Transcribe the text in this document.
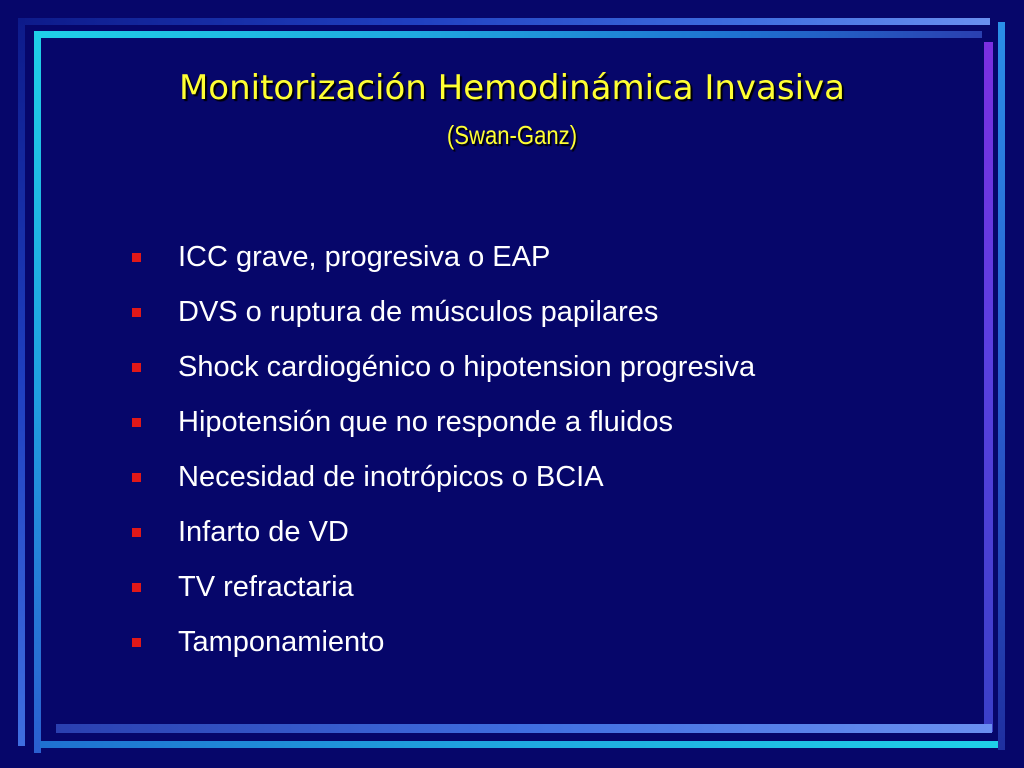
Monitorización Hemodinámica Invasiva
(Swan-Ganz)
ICC grave, progresiva o EAP
DVS o ruptura de músculos papilares
Shock cardiogénico o hipotension progresiva
Hipotensión que no responde a fluidos
Necesidad de inotrópicos o BCIA
Infarto de VD
TV refractaria
Tamponamiento
